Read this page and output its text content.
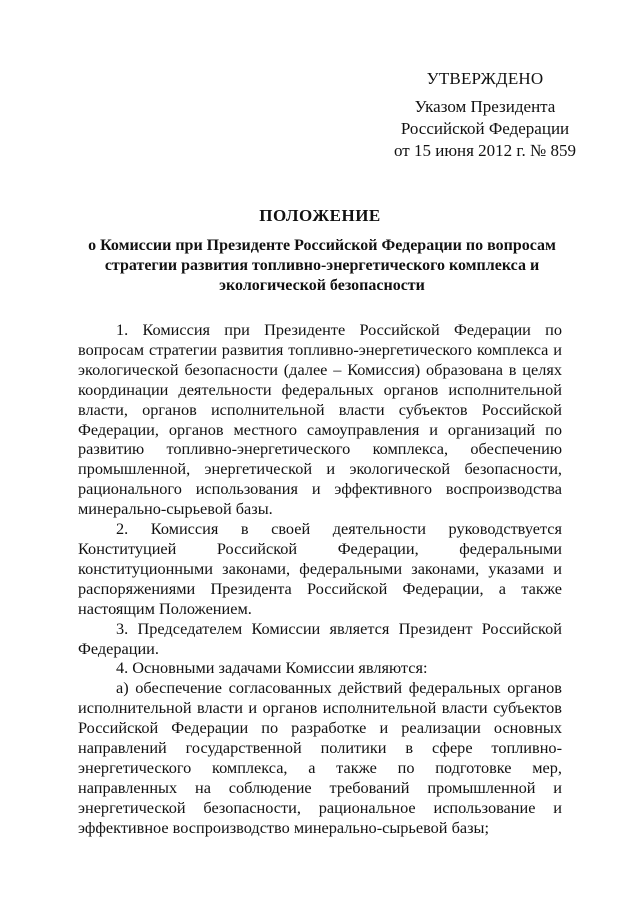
УТВЕРЖДЕНО
Указом Президента
Российской Федерации
от 15 июня 2012 г. № 859
ПОЛОЖЕНИЕ
о Комиссии при Президенте Российской Федерации по вопросам
стратегии развития топливно-энергетического комплекса и
экологической безопасности

1. Комиссия при Президенте Российской Федерации по вопросам стратегии развития топливно-энергетического комплекса и экологической безопасности (далее – Комиссия) образована в целях координации деятельности федеральных органов исполнительной власти, органов исполнительной власти субъектов Российской Федерации, органов местного самоуправления и организаций по развитию топливно-энергетического комплекса, обеспечению промышленной, энергетической и экологической безопасности, рационального использования и эффективного воспроизводства минерально-сырьевой базы.

2. Комиссия в своей деятельности руководствуется Конституцией Российской Федерации, федеральными конституционными законами, федеральными законами, указами и распоряжениями Президента Российской Федерации, а также настоящим Положением.

3. Председателем Комиссии является Президент Российской Федерации.

4. Основными задачами Комиссии являются:

а) обеспечение согласованных действий федеральных органов исполнительной власти и органов исполнительной власти субъектов Российской Федерации по разработке и реализации основных направлений государственной политики в сфере топливно-энергетического комплекса, а также по подготовке мер, направленных на соблюдение требований промышленной и энергетической безопасности, рациональное использование и эффективное воспроизводство минерально-сырьевой базы;
